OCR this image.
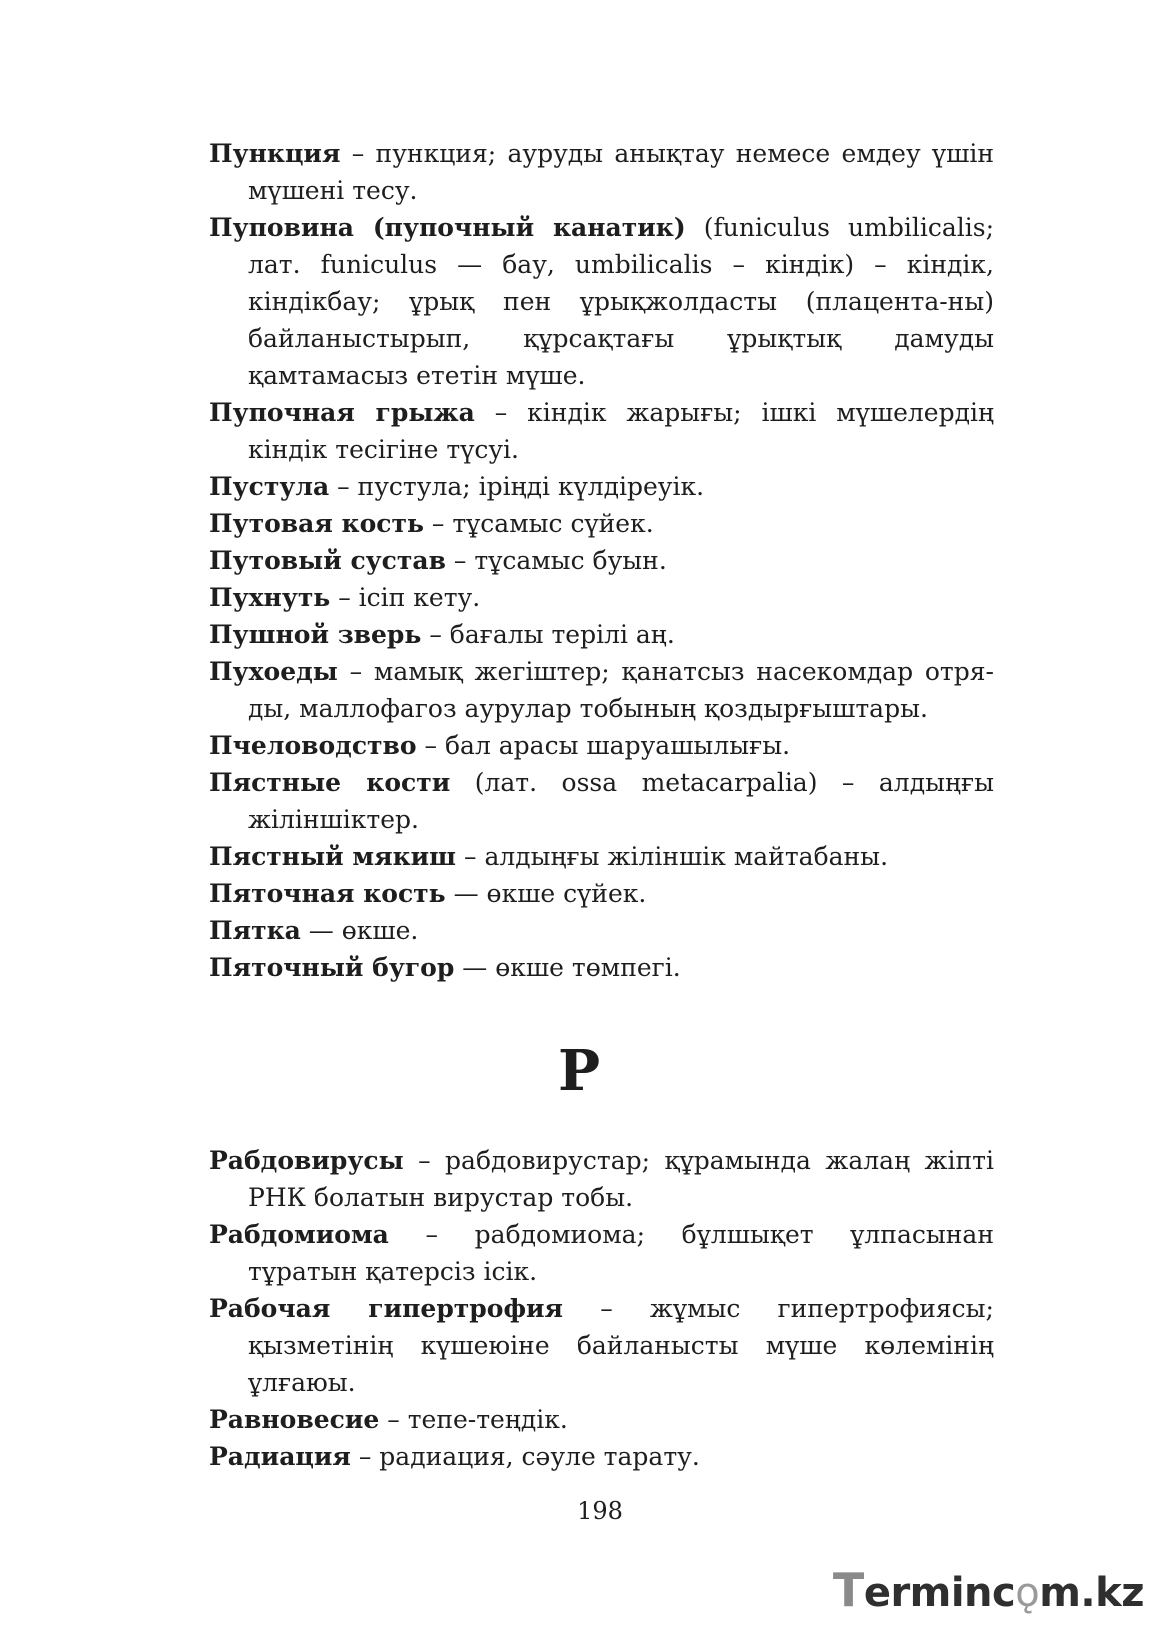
Пункция – пункция; ауруды анықтау немесе емдеу үшін мүшені тесу.

Пуповина (пупочный канатик) (funiculus umbilicalis; лат. funiculus — бау, umbilicalis – кіндік) – кіндік, кіндікбау; ұрық пен ұрықжолдасты (плацента-ны) байланыстырып, құрсақтағы ұрықтық дамуды қамтамасыз ететін мүше.

Пупочная грыжа – кіндік жарығы; ішкі мүшелердің кіндік тесігіне түсуі.

Пустула – пустула; іріңді күлдіреуік.

Путовая кость – тұсамыс сүйек.

Путовый сустав – тұсамыс буын.

Пухнуть – ісіп кету.

Пушной зверь – бағалы терілі аң.

Пухоеды – мамық жегіштер; қанатсыз насекомдар отря-ды, маллофагоз аурулар тобының қоздырғыштары.

Пчеловодство – бал арасы шаруашылығы.

Пястные кости (лат. ossa metacarpalia) – алдыңғы жіліншіктер.

Пястный мякиш – алдыңғы жіліншік майтабаны.

Пяточная кость — өкше сүйек.

Пятка — өкше.

Пяточный бугор — өкше төмпегі.

Р

Рабдовирусы – рабдовирустар; құрамында жалаң жіпті РНК болатын вирустар тобы.

Рабдомиома – рабдомиома; бұлшықет ұлпасынан тұратын қатерсіз ісік.

Рабочая гипертрофия – жұмыс гипертрофиясы; қызметінің күшеюіне байланысты мүше көлемінің ұлғаюы.

Равновесие – тепе-теңдік.

Радиация – радиация, сәуле тарату.

198
Termincǫm.kz
